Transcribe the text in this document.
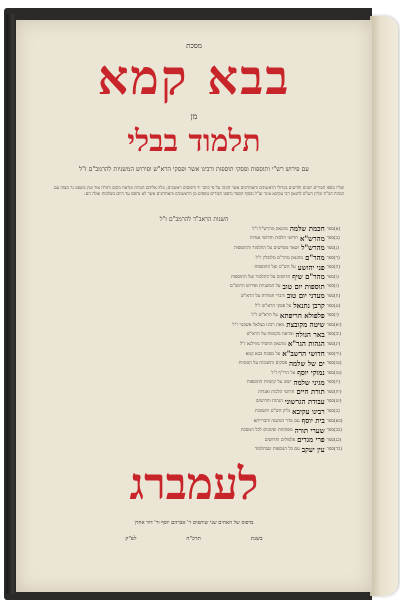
מסכת
בבא קמא
מן
תלמוד בבלי
עם פירוש רש"י ותוספות ופסקי תוספות ורבינו אשר ופסקי הרא"ש ופירוש המשניות להרמב"ם ז"ל
ועליו נוספו חבורים ישנים וחדשים מגדולי הראשונים והאחרונים אשר הוגהו על פי כתבי יד ודפוסים ראשונים, ונלוו אליהם הגהות ומראה מקום ותורה אור ועין משפט נר מצוה עם הגהות הב"ח וגליון הש"ס להגאון רבי עקיבא איגר זצ"ל ובסוף הספר נדפסו חבורים נוספים מן הראשונים והאחרונים אשר לא נדפסו עד היום בשלמות ואלה הם:
השגות הראב"ד להרמב"ם ז"ל
(א)
ספר
חכמת שלמה
מהגאון מהרש"ל ז"ל
(ב)
ספר
מהרש"א
חדושי הלכות וחדושי אגדות
(ג)
ספר
מהרש"ל
ושאר מפרשים על התלמוד והתוספות
(ד)
ספר
מהר"ם
מהגאון מהר"ם מלובלין ז"ל
(ה)
ספר
פני יהושע
על הש"ס ועל התוספות
(ו)
ספר
מהר"ם שיף
חדושים על התלמוד ועל התוספות
(ז)
ספר
תוספות יום טוב
על המשניות ופירוש הרמב"ם
(ח)
ספר
מעדני יום טוב
ודברי חמודות על הרא"ש
(ט)
ספר
קרבן נתנאל
על פסקי הרא"ש ז"ל
(י)
ספר
פלפולא חריפתא
על הרא"ש ז"ל
(יא)
ספר
שיטה מקובצת
מאת רבינו בצלאל אשכנזי ז"ל
(יב)
ספר
באר הגולה
ומראה מקומות על הרא"ש
(יג)
ספר
הגהות הגר"א
מהגאון החסיד מווילנא ז"ל
(יד)
ספר
חדושי הרשב"א
על מסכת בבא קמא
(טו)
ספר
ים של שלמה
פסקים ותשובות על הסוגיות
(טז)
ספר
נמוקי יוסף
על הרי"ף ז"ל
(יז)
ספר
מגיני שלמה
ישוב על קושיות התוספות
(יח)
ספר
תורת חיים
חדושי הלכות ואגדות
(יט)
ספר
עבודת הגרשוני
הגהות וחדושים
(כ)
ספר
רבינו עקיבא
גליון הש"ס ותשובות
(כא)
ספר
בית יוסף
עם סדר המשנה והברייתא
(כב)
ספר
שערי תורה
מפתחות וסימנים לכל המסכת
(כג)
ספר
פרי מגדים
פלפולים וחדושים
(כד)
ספר
עין יעקב
עם כל הנוספות שבתלמוד
לעמברג
בדפוס של האחים שני שותפים ר' אברהם יוסף ור' דוד אחרן
בשנת תרכ"ה לפ"ק
